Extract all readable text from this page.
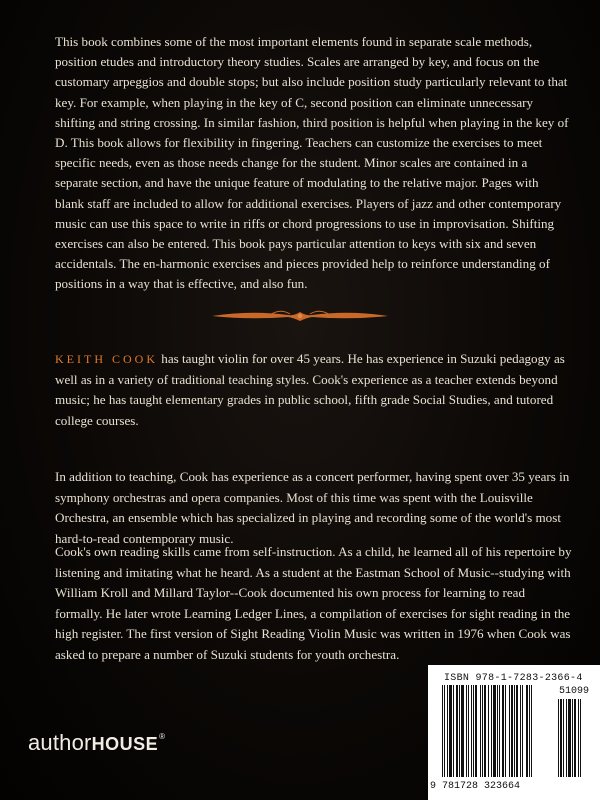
This book combines some of the most important elements found in separate scale methods, position etudes and introductory theory studies. Scales are arranged by key, and focus on the customary arpeggios and double stops; but also include position study particularly relevant to that key. For example, when playing in the key of C, second position can eliminate unnecessary shifting and string crossing. In similar fashion, third position is helpful when playing in the key of D. This book allows for flexibility in fingering. Teachers can customize the exercises to meet specific needs, even as those needs change for the student. Minor scales are contained in a separate section, and have the unique feature of modulating to the relative major. Pages with blank staff are included to allow for additional exercises. Players of jazz and other contemporary music can use this space to write in riffs or chord progressions to use in improvisation. Shifting exercises can also be entered. This book pays particular attention to keys with six and seven accidentals. The en-harmonic exercises and pieces provided help to reinforce understanding of positions in a way that is effective, and also fun.

KEITH COOK has taught violin for over 45 years. He has experience in Suzuki pedagogy as well as in a variety of traditional teaching styles. Cook's experience as a teacher extends beyond music; he has taught elementary grades in public school, fifth grade Social Studies, and tutored college courses.

In addition to teaching, Cook has experience as a concert performer, having spent over 35 years in symphony orchestras and opera companies. Most of this time was spent with the Louisville Orchestra, an ensemble which has specialized in playing and recording some of the world's most hard-to-read contemporary music.

Cook's own reading skills came from self-instruction. As a child, he learned all of his repertoire by listening and imitating what he heard. As a student at the Eastman School of Music--studying with William Kroll and Millard Taylor--Cook documented his own process for learning to read formally. He later wrote Learning Ledger Lines, a compilation of exercises for sight reading in the high register. The first version of Sight Reading Violin Music was written in 1976 when Cook was asked to prepare a number of Suzuki students for youth orchestra.

authorHOUSE®
ISBN 978-1-7283-2366-4
51099
9 781728 323664
